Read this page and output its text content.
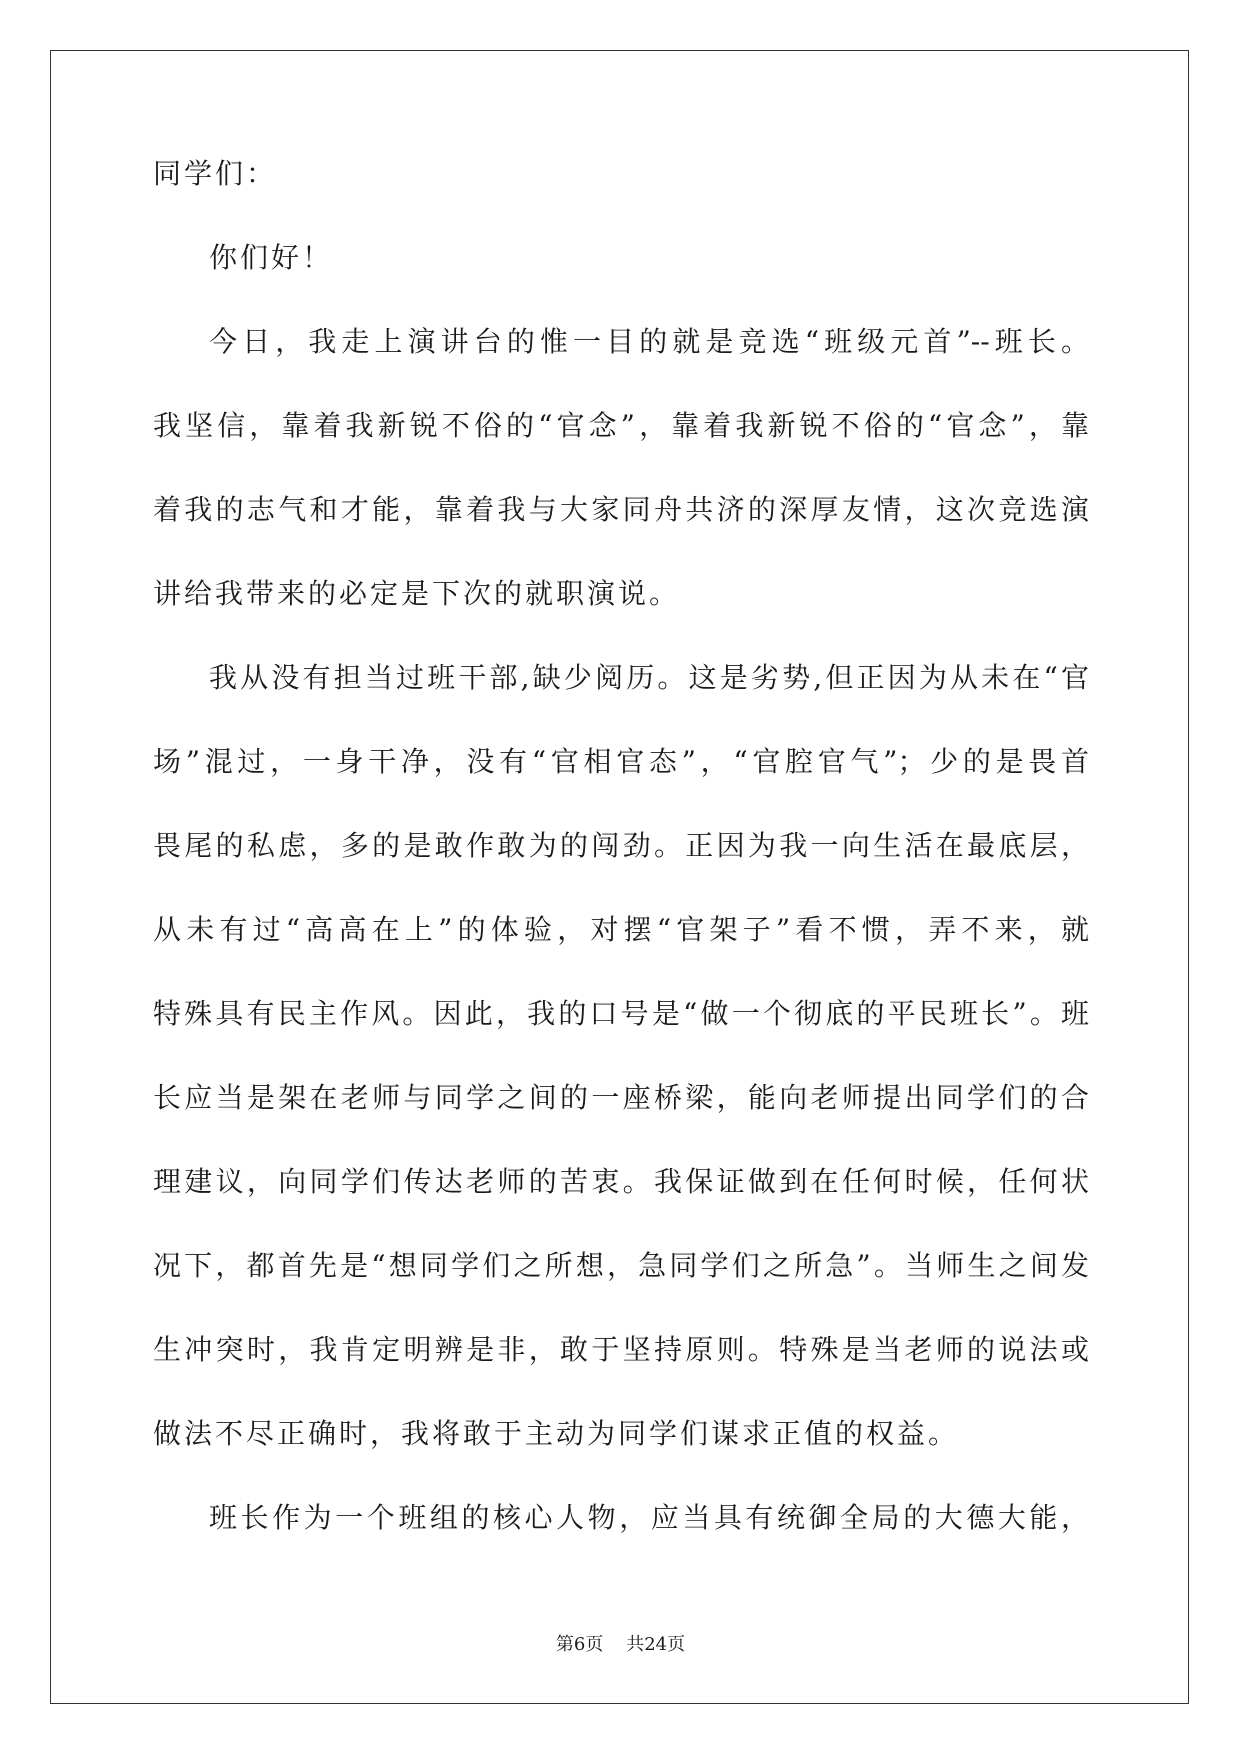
同学们：
你们好！
今日，我走上演讲台的惟一目的就是竞选“班级元首”--班长。
我坚信，靠着我新锐不俗的“官念”，靠着我新锐不俗的“官念”，靠
着我的志气和才能，靠着我与大家同舟共济的深厚友情，这次竞选演
讲给我带来的必定是下次的就职演说。
我从没有担当过班干部,缺少阅历。这是劣势,但正因为从未在“官
场”混过，一身干净，没有“官相官态”，“官腔官气”；少的是畏首
畏尾的私虑，多的是敢作敢为的闯劲。正因为我一向生活在最底层，
从未有过“高高在上”的体验，对摆“官架子”看不惯，弄不来，就
特殊具有民主作风。因此，我的口号是“做一个彻底的平民班长”。班
长应当是架在老师与同学之间的一座桥梁，能向老师提出同学们的合
理建议，向同学们传达老师的苦衷。我保证做到在任何时候，任何状
况下，都首先是“想同学们之所想，急同学们之所急”。当师生之间发
生冲突时，我肯定明辨是非，敢于坚持原则。特殊是当老师的说法或
做法不尽正确时，我将敢于主动为同学们谋求正值的权益。
班长作为一个班组的核心人物，应当具有统御全局的大德大能，
第6页 共24页
